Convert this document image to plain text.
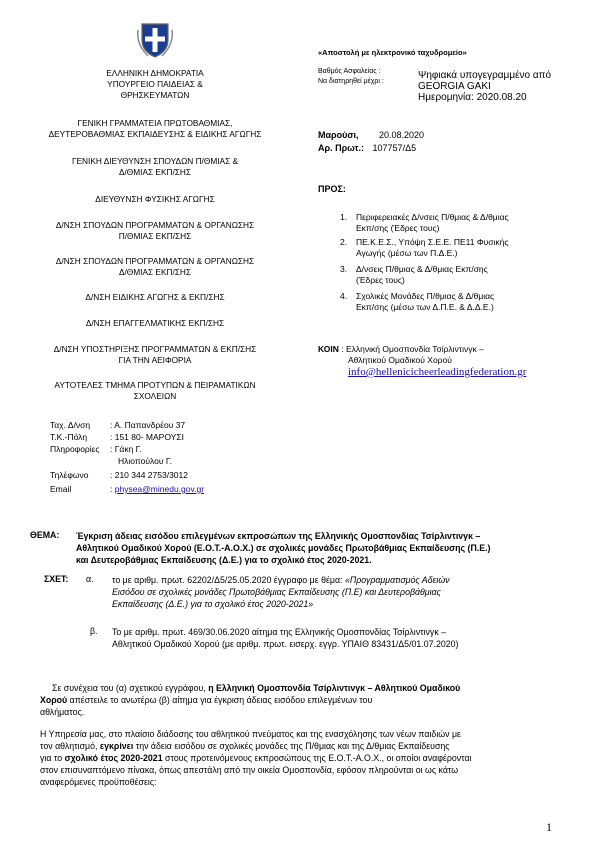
ΕΛΛΗΝΙΚΗ ΔΗΜΟΚΡΑΤΙΑ
ΥΠΟΥΡΓΕΙΟ ΠΑΙΔΕΙΑΣ &
ΘΡΗΣΚΕΥΜΑΤΩΝ
ΓΕΝΙΚΗ ΓΡΑΜΜΑΤΕΙΑ ΠΡΩΤΟΒΑΘΜΙΑΣ,
ΔΕΥΤΕΡΟΒΑΘΜΙΑΣ ΕΚΠΑΙΔΕΥΣΗΣ & ΕΙΔΙΚΗΣ ΑΓΩΓΗΣ
ΓΕΝΙΚΗ ΔΙΕΥΘΥΝΣΗ ΣΠΟΥΔΩΝ Π/ΘΜΙΑΣ &
Δ/ΘΜΙΑΣ ΕΚΠ/ΣΗΣ
ΔΙΕΥΘΥΝΣΗ ΦΥΣΙΚΗΣ ΑΓΩΓΗΣ
Δ/ΝΣΗ ΣΠΟΥΔΩΝ ΠΡΟΓΡΑΜΜΑΤΩΝ & ΟΡΓΑΝΩΣΗΣ
Π/ΘΜΙΑΣ ΕΚΠ/ΣΗΣ
Δ/ΝΣΗ ΣΠΟΥΔΩΝ ΠΡΟΓΡΑΜΜΑΤΩΝ & ΟΡΓΑΝΩΣΗΣ
Δ/ΘΜΙΑΣ ΕΚΠ/ΣΗΣ
Δ/ΝΣΗ ΕΙΔΙΚΗΣ ΑΓΩΓΗΣ & ΕΚΠ/ΣΗΣ
Δ/ΝΣΗ ΕΠΑΓΓΕΛΜΑΤΙΚΗΣ ΕΚΠ/ΣΗΣ
Δ/ΝΣΗ ΥΠΟΣΤΗΡΙΞΗΣ ΠΡΟΓΡΑΜΜΑΤΩΝ & ΕΚΠ/ΣΗΣ
ΓΙΑ ΤΗΝ ΑΕΙΦΟΡΙΑ
ΑΥΤΟΤΕΛΕΣ ΤΜΗΜΑ ΠΡΟΤΥΠΩΝ & ΠΕΙΡΑΜΑΤΙΚΩΝ
ΣΧΟΛΕΙΩΝ
Ταχ. Δ/νση : Α. Παπανδρέου 37
Τ.Κ.-Πόλη	: 151 80- ΜΑΡΟΥΣΙ
Πληροφορίες : Γάκη Γ.
Ηλιοπούλου Γ.
Τηλέφωνο	: 210 344 2753/3012
Email	: physea@minedu.gov.gr
«Αποστολή με ηλεκτρονικό ταχυδρομείο»
Βαθμός Ασφαλείας :
Να διατηρηθεί μέχρι :
Ψηφιακά υπογεγραμμένο από
GEORGIA GAKI
Ημερομηνία: 2020.08.20
Μαρούσι, 20.08.2020
Αρ. Πρωτ.: 107757/Δ5
ΠΡΟΣ:
1. Περιφερειακές Δ/νσεις Π/θμιας & Δ/θμιας
Εκπ/σης (Έδρες τους)
2. ΠΕ.Κ.Ε.Σ., Υπόψη Σ.Ε.Ε. ΠΕ11 Φυσικής
Αγωγής (μέσω των Π.Δ.Ε.)
3. Δ/νσεις Π/θμιας & Δ/θμιας Εκπ/σης
(Έδρες τους)
4. Σχολικές Μονάδες Π/θμιας & Δ/θμιας
Εκπ/σης (μέσω των Δ.Π.Ε. & Δ.Δ.Ε.)
ΚΟΙΝ : Ελληνική Ομοσπονδία Τσίρλιντινγκ –
Αθλητικού Ομαδικού Χορού
info@hellenicicheerleadingfederation.gr
ΘΕΜΑ: Έγκριση άδειας εισόδου επιλεγμένων εκπροσώπων της Ελληνικής Ομοσπονδίας Τσίρλιντινγκ –
Αθλητικού Ομαδικού Χορού (Ε.Ο.Τ.-Α.Ο.Χ.) σε σχολικές μονάδες Πρωτοβάθμιας Εκπαίδευσης (Π.Ε.)
και Δευτεροβάθμιας Εκπαίδευσης (Δ.Ε.) για το σχολικό έτος 2020-2021.
ΣΧΕΤ: α. το με αριθμ. πρωτ. 62202/Δ5/25.05.2020 έγγραφο με θέμα: «Προγραμματισμός Αδειών
Εισόδου σε σχολικές μονάδες Πρωτοβάθμιας Εκπαίδευσης (Π.Ε) και Δευτεροβάθμιας
Εκπαίδευσης (Δ.Ε.) για το σχολικό έτος 2020-2021»
β. Το με αριθμ. πρωτ. 469/30.06.2020 αίτημα της Ελληνικής Ομοσπονδίας Τσίρλιντινγκ –
Αθλητικού Ομαδικού Χορού (με αριθμ. πρωτ. εισερχ. εγγρ. ΥΠΑΙΘ 83431/Δ5/01.07.2020)
Σε συνέχεια του (α) σχετικού εγγράφου, η Ελληνική Ομοσπονδία Τσίρλιντινγκ – Αθλητικού Ομαδικού
Χορού απέστειλε το ανωτέρω (β) αίτημα για έγκριση άδειας εισόδου επιλεγμένων του
αθλήματος.
Η Υπηρεσία μας, στο πλαίσιο διάδοσης του αθλητικού πνεύματος και της ενασχόλησης των νέων παιδιών με
τον αθλητισμό, εγκρίνει την άδεια εισόδου σε σχολικές μονάδες της Π/θμιας και της Δ/θμιας Εκπαίδευσης
για το σχολικό έτος 2020-2021 στους προτεινόμενους εκπροσώπους της Ε.Ο.Τ.-Α.Ο.Χ., οι οποίοι αναφέρονται
στον επισυναπτόμενο πίνακα, όπως απεστάλη από την οικεία Ομοσπονδία, εφόσον πληρούνται οι ως κάτω
αναφερόμενες προϋποθέσεις:
1
